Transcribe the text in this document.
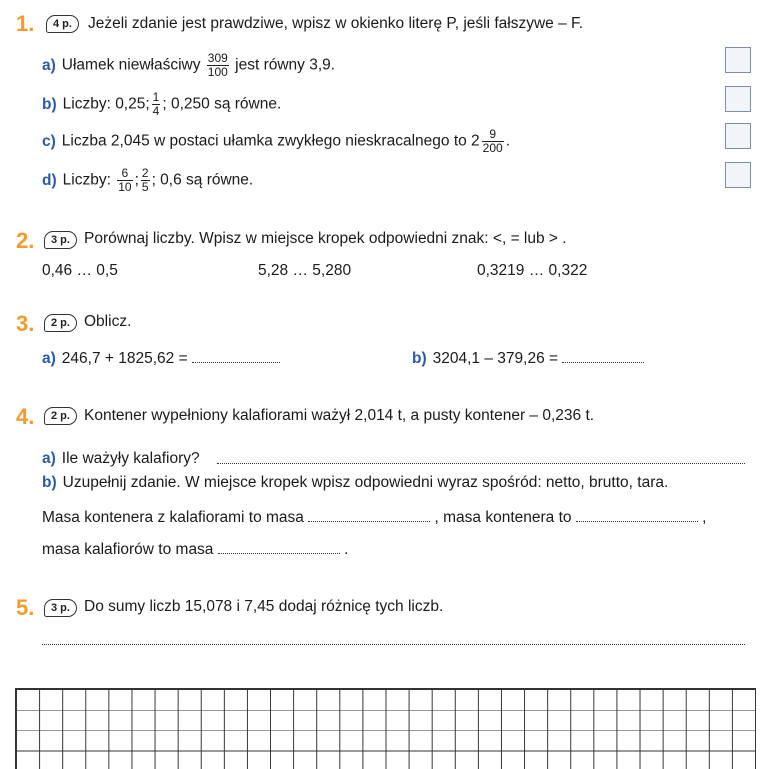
1.	4 p.	Jeżeli zdanie jest prawdziwe, wpisz w okienko literę P, jeśli fałszywe – F.
a) Ułamek niewłaściwy $\frac{309}{100}$ jest równy 3,9.
b) Liczby: 0,25; $\frac{1}{4}$ ; 0,250 są równe.
c) Liczba 2,045 w postaci ułamka zwykłego nieskracalnego to $2 \frac{9}{200}$ .
d) Liczby: $\frac{6}{10}$ ; $\frac{2}{5}$ ; 0,6 są równe.
2.	3 p. Porównaj liczby. Wpisz w miejsce kropek odpowiedni znak: <, = lub > .
0,46 … 0,5	5,28 … 5,280	0,3219 … 0,322
3.	2 p. Oblicz.
a) 246,7 + 1825,62 =	b) 3204,1 – 379,26 =
4.	2 p. Kontener wypełniony kalafiorami ważył 2,014 t, a pusty kontener – 0,236 t.
a) Ile ważyły kalafiory?
b) Uzupełnij zdanie. W miejsce kropek wpisz odpowiedni wyraz spośród: netto, brutto, tara.
Masa kontenera z kalafiorami to masa	, masa kontenera to	,
masa kalafiorów to masa	.
5.	3 p. Do sumy liczb 15,078 i 7,45 dodaj różnicę tych liczb.
